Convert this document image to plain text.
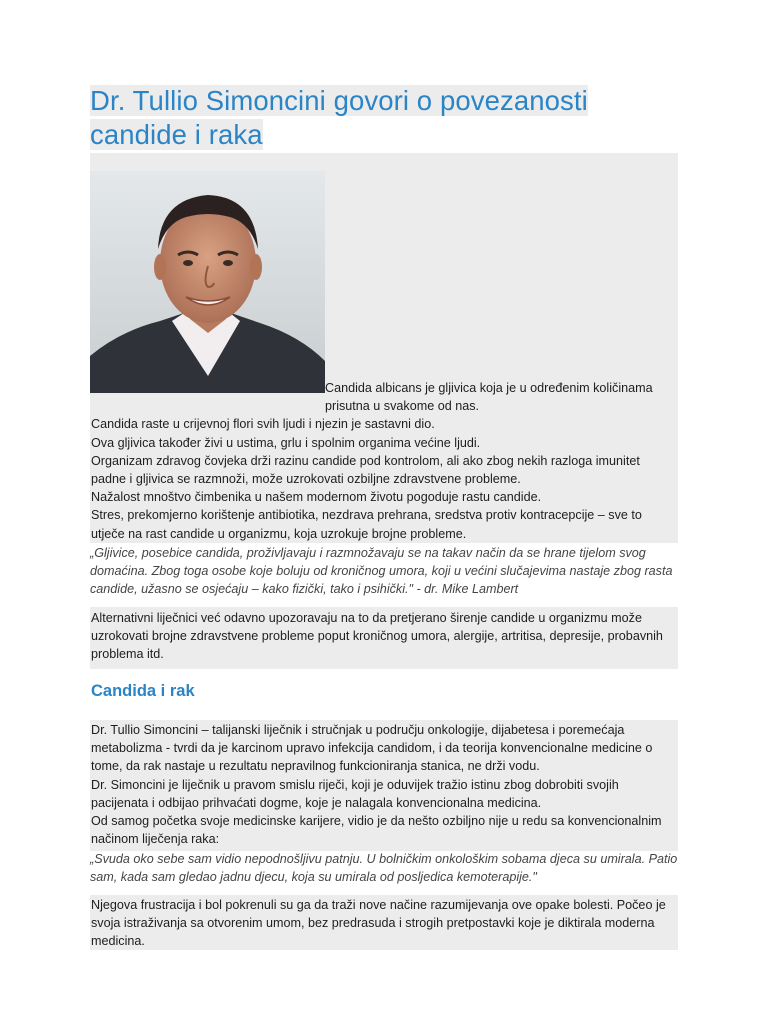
Dr. Tullio Simoncini govori o povezanosti
candide i raka

Candida albicans je gljivica koja je u određenim količinama prisutna u svakome od nas.

Candida raste u crijevnoj flori svih ljudi i njezin je sastavni dio.

Ova gljivica također živi u ustima, grlu i spolnim organima većine ljudi.

Organizam zdravog čovjeka drži razinu candide pod kontrolom, ali ako zbog nekih razloga imunitet padne i gljivica se razmnoži, može uzrokovati ozbiljne zdravstvene probleme.

Nažalost mnoštvo čimbenika u našem modernom životu pogoduje rastu candide.

Stres, prekomjerno korištenje antibiotika, nezdrava prehrana, sredstva protiv kontracepcije – sve to utječe na rast candide u organizmu, koja uzrokuje brojne probleme.

„Gljivice, posebice candida, proživljavaju i razmnožavaju se na takav način da se hrane tijelom svog domaćina. Zbog toga osobe koje boluju od kroničnog umora, koji u većini slučajevima nastaje zbog rasta candide, užasno se osjećaju – kako fizički, tako i psihički." - dr. Mike Lambert

Alternativni liječnici već odavno upozoravaju na to da pretjerano širenje candide u organizmu može uzrokovati brojne zdravstvene probleme poput kroničnog umora, alergije, artritisa, depresije, probavnih problema itd.

Candida i rak

Dr. Tullio Simoncini – talijanski liječnik i stručnjak u području onkologije, dijabetesa i poremećaja metabolizma - tvrdi da je karcinom upravo infekcija candidom, i da teorija konvencionalne medicine o tome, da rak nastaje u rezultatu nepravilnog funkcioniranja stanica, ne drži vodu.

Dr. Simoncini je liječnik u pravom smislu riječi, koji je oduvijek tražio istinu zbog dobrobiti svojih pacijenata i odbijao prihvaćati dogme, koje je nalagala konvencionalna medicina.

Od samog početka svoje medicinske karijere, vidio je da nešto ozbiljno nije u redu sa konvencionalnim načinom liječenja raka:

„Svuda oko sebe sam vidio nepodnošljivu patnju. U bolničkim onkološkim sobama djeca su umirala. Patio sam, kada sam gledao jadnu djecu, koja su umirala od posljedica kemoterapije."

Njegova frustracija i bol pokrenuli su ga da traži nove načine razumijevanja ove opake bolesti. Počeo je svoja istraživanja sa otvorenim umom, bez predrasuda i strogih pretpostavki koje je diktirala moderna medicina.
